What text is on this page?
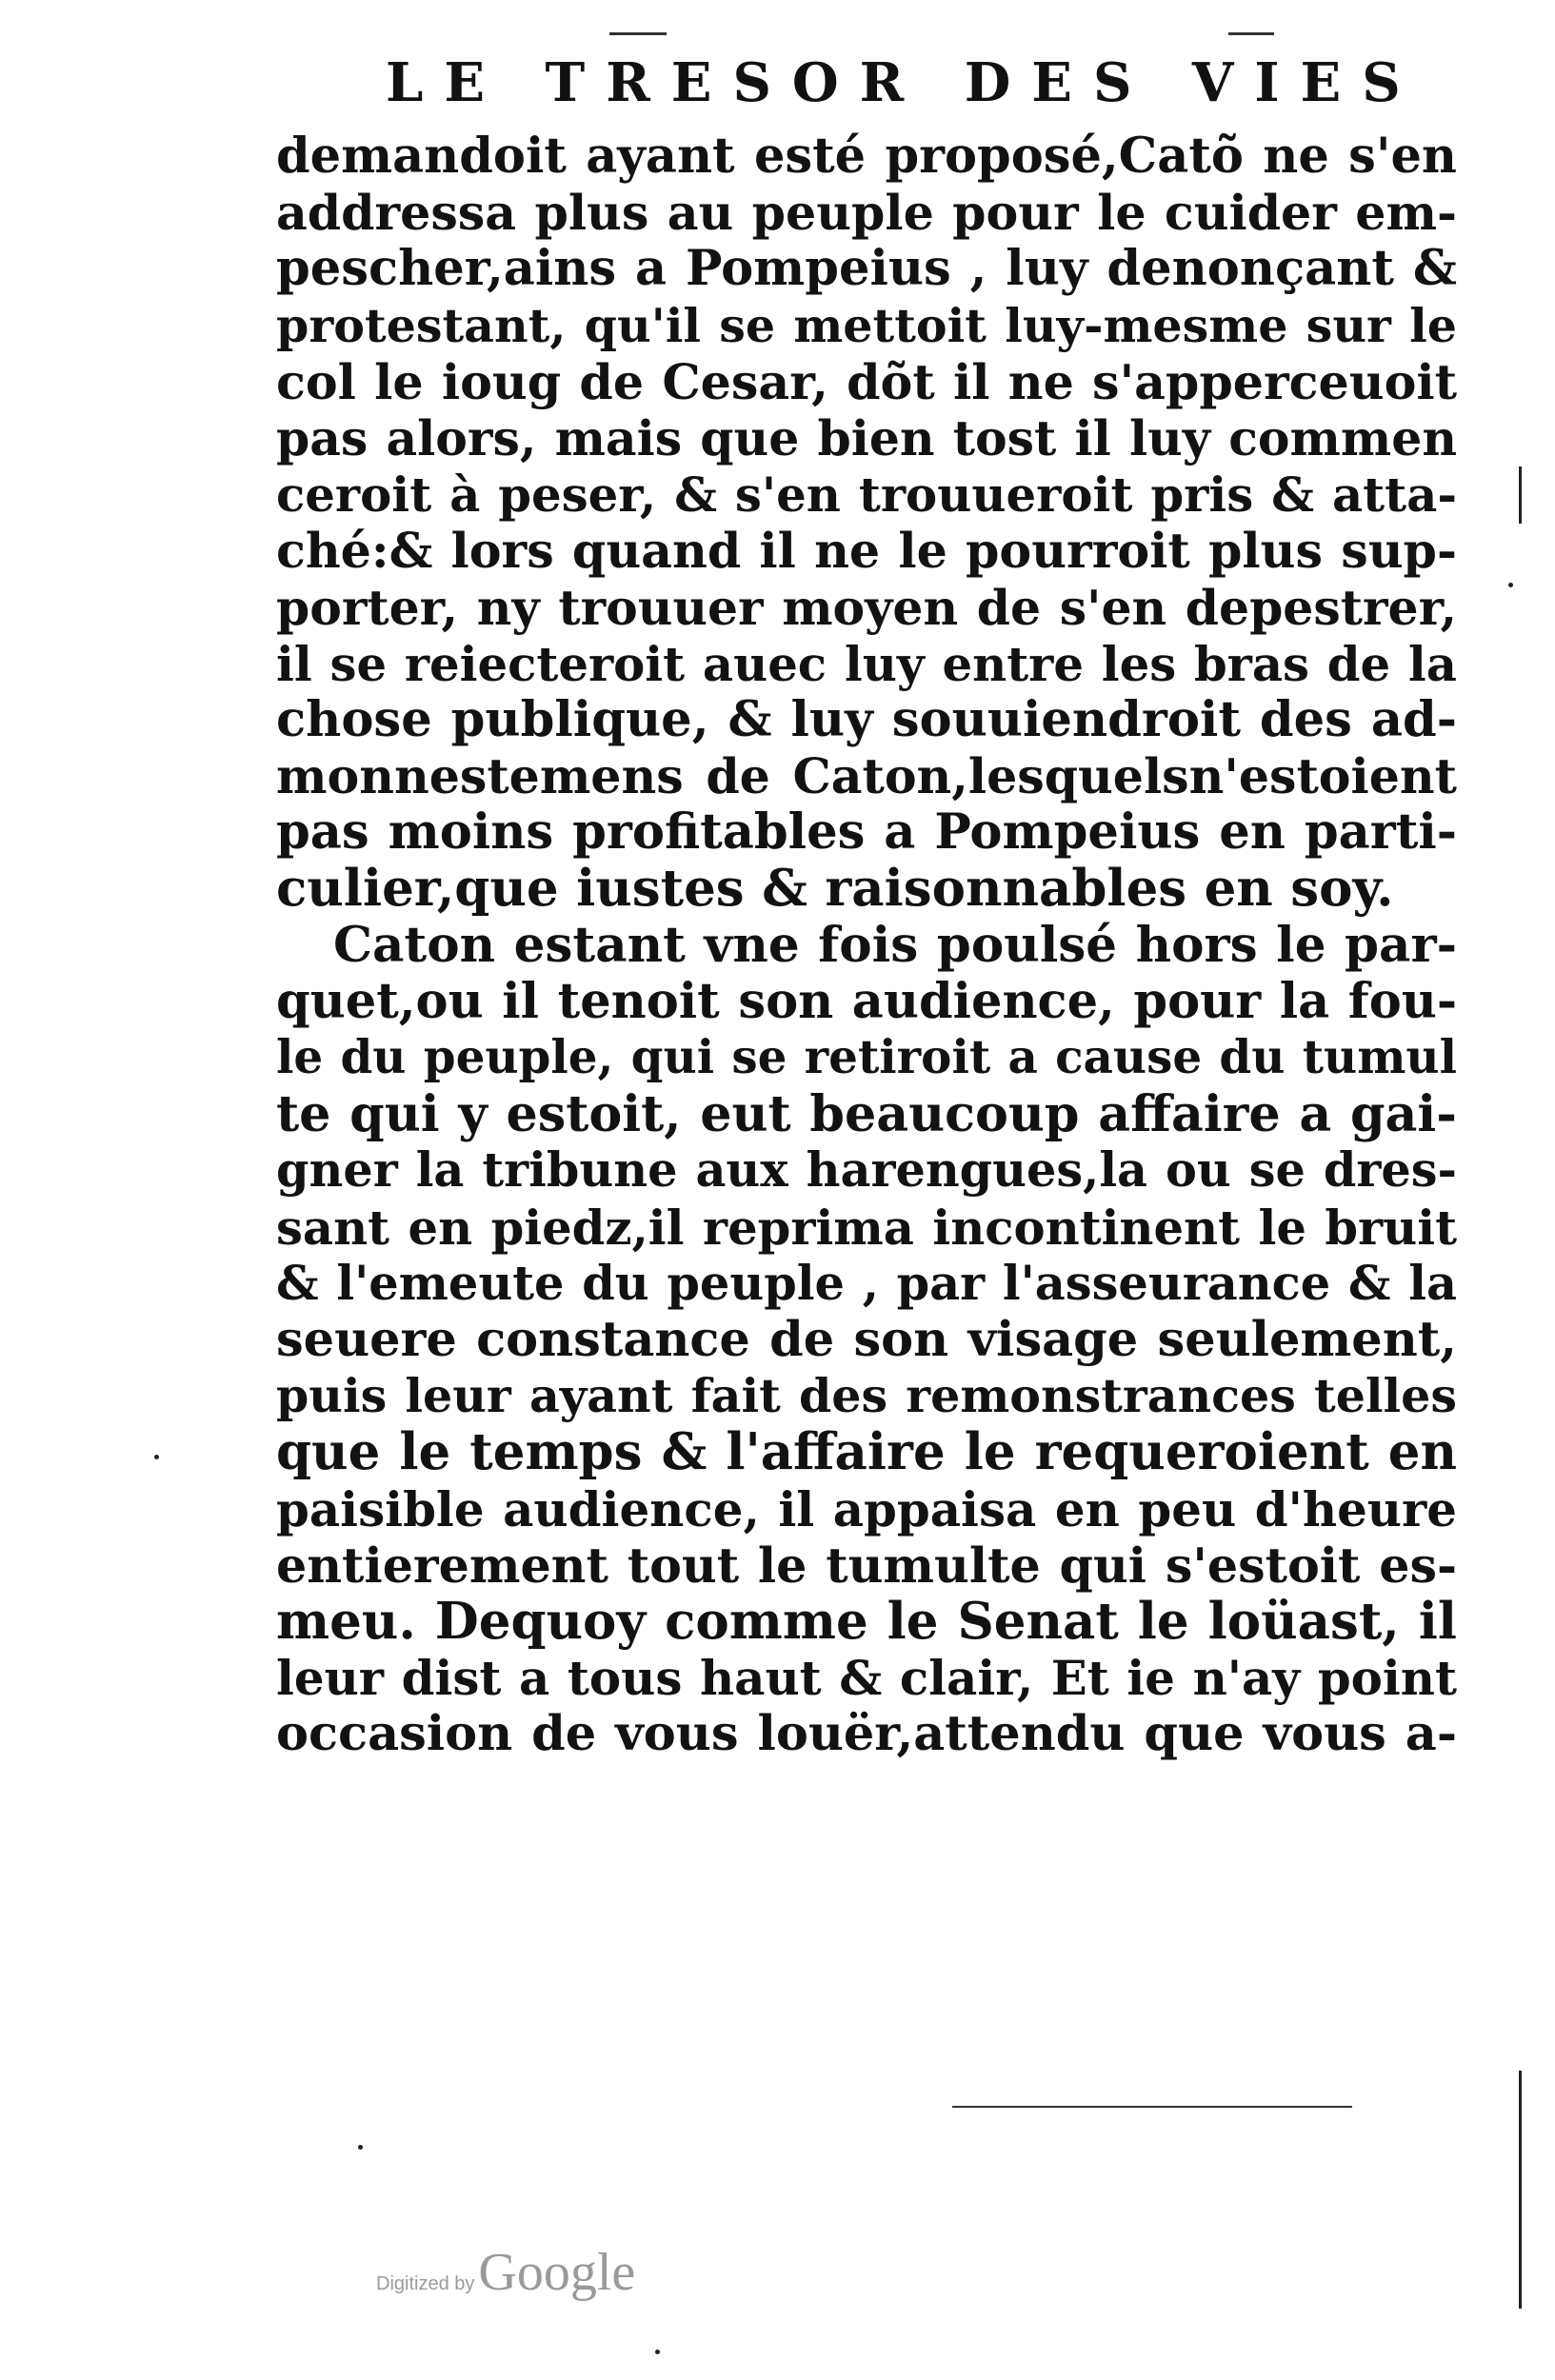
LE TRESOR DES VIES
demandoit ayant esté proposé,Catõ ne s'en
addressa plus au peuple pour le cuider em-
pescher,ains a Pompeius , luy denonçant &
protestant, qu'il se mettoit luy-mesme sur le
col le ioug de Cesar, dõt il ne s'apperceuoit
pas alors, mais que bien tost il luy commen
ceroit à peser, & s'en trouueroit pris & atta-
ché:& lors quand il ne le pourroit plus sup-
porter, ny trouuer moyen de s'en depestrer,
il se reiecteroit auec luy entre les bras de la
chose publique, & luy souuiendroit des ad-
monnestemens de Caton,lesquelsn'estoient
pas moins profitables a Pompeius en parti-
culier,que iustes & raisonnables en soy.
Caton estant vne fois poulsé hors le par-
quet,ou il tenoit son audience, pour la fou-
le du peuple, qui se retiroit a cause du tumul
te qui y estoit, eut beaucoup affaire a gai-
gner la tribune aux harengues,la ou se dres-
sant en piedz,il reprima incontinent le bruit
& l'emeute du peuple , par l'asseurance & la
seuere constance de son visage seulement,
puis leur ayant fait des remonstrances telles
que le temps & l'affaire le requeroient en
paisible audience, il appaisa en peu d'heure
entierement tout le tumulte qui s'estoit es-
meu. Dequoy comme le Senat le loüast, il
leur dist a tous haut & clair, Et ie n'ay point
occasion de vous louër,attendu que vous a-
Digitized byGoogle
